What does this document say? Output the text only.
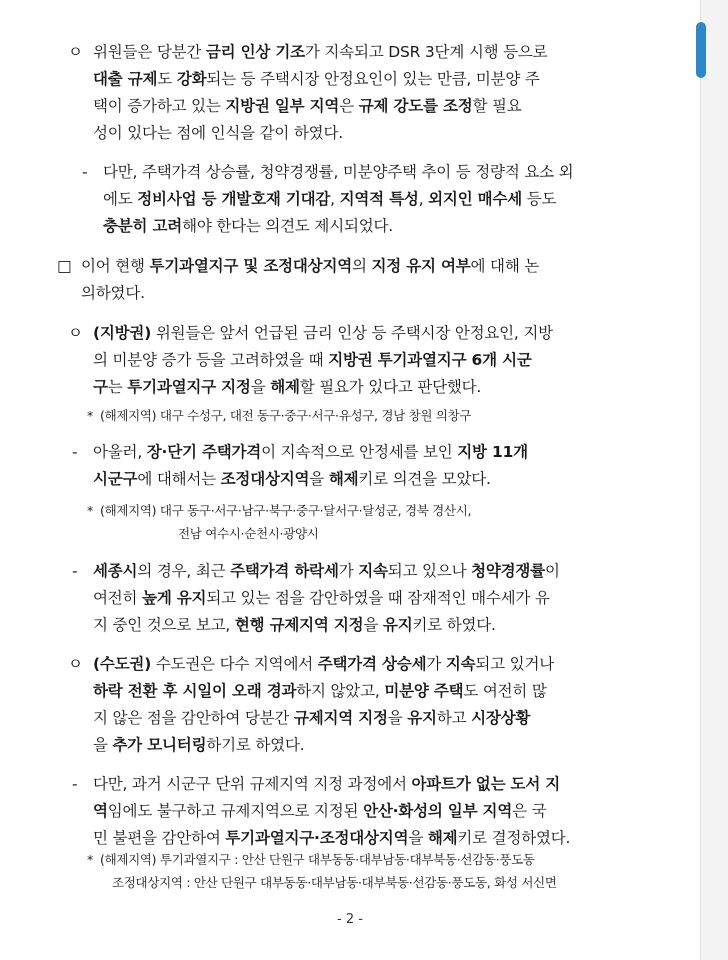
ㅇ 위원들은 당분간 금리 인상 기조가 지속되고 DSR 3단계 시행 등으로
대출 규제도 강화되는 등 주택시장 안정요인이 있는 만큼, 미분양 주
택이 증가하고 있는 지방권 일부 지역은 규제 강도를 조정할 필요
성이 있다는 점에 인식을 같이 하였다.
- 다만, 주택가격 상승률, 청약경쟁률, 미분양주택 추이 등 정량적 요소 외
에도 정비사업 등 개발호재 기대감, 지역적 특성, 외지인 매수세 등도
충분히 고려해야 한다는 의견도 제시되었다.
□ 이어 현행 투기과열지구 및 조정대상지역의 지정 유지 여부에 대해 논
의하였다.
ㅇ (지방권) 위원들은 앞서 언급된 금리 인상 등 주택시장 안정요인, 지방
의 미분양 증가 등을 고려하였을 때 지방권 투기과열지구 6개 시군
구는 투기과열지구 지정을 해제할 필요가 있다고 판단했다.
* (해제지역) 대구 수성구, 대전 동구·중구·서구·유성구, 경남 창원 의창구
- 아울러, 장·단기 주택가격이 지속적으로 안정세를 보인 지방 11개
시군구에 대해서는 조정대상지역을 해제키로 의견을 모았다.
* (해제지역) 대구 동구·서구·남구·북구·중구·달서구·달성군, 경북 경산시,
전남 여수시·순천시·광양시
- 세종시의 경우, 최근 주택가격 하락세가 지속되고 있으나 청약경쟁률이
여전히 높게 유지되고 있는 점을 감안하였을 때 잠재적인 매수세가 유
지 중인 것으로 보고, 현행 규제지역 지정을 유지키로 하였다.
ㅇ (수도권) 수도권은 다수 지역에서 주택가격 상승세가 지속되고 있거나
하락 전환 후 시일이 오래 경과하지 않았고, 미분양 주택도 여전히 많
지 않은 점을 감안하여 당분간 규제지역 지정을 유지하고 시장상황
을 추가 모니터링하기로 하였다.
- 다만, 과거 시군구 단위 규제지역 지정 과정에서 아파트가 없는 도서 지
역임에도 불구하고 규제지역으로 지정된 안산·화성의 일부 지역은 국
민 불편을 감안하여 투기과열지구·조정대상지역을 해제키로 결정하였다.
* (해제지역) 투기과열지구 : 안산 단원구 대부동동·대부남동·대부북동·선감동·풍도동
조정대상지역 : 안산 단원구 대부동동·대부남동·대부북동·선감동·풍도동, 화성 서신면
- 2 -
